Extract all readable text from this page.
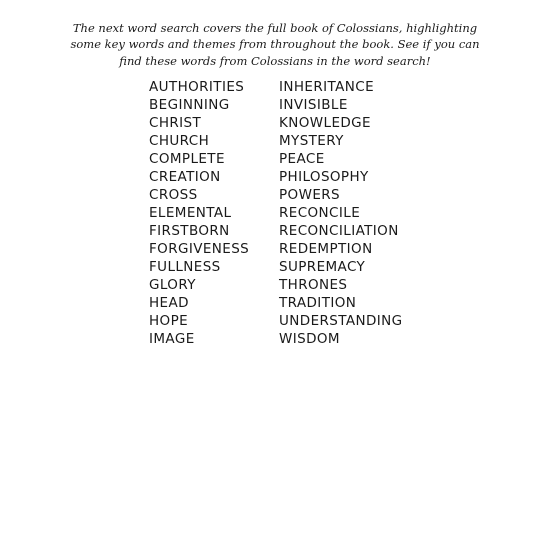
The next word search covers the full book of Colossians, highlighting some key words and themes from throughout the book. See if you can find these words from Colossians in the word search!

AUTHORITIES
BEGINNING
CHRIST
CHURCH
COMPLETE
CREATION
CROSS
ELEMENTAL
FIRSTBORN
FORGIVENESS
FULLNESS
GLORY
HEAD
HOPE
IMAGE
INHERITANCE
INVISIBLE
KNOWLEDGE
MYSTERY
PEACE
PHILOSOPHY
POWERS
RECONCILE
RECONCILIATION
REDEMPTION
SUPREMACY
THRONES
TRADITION
UNDERSTANDING
WISDOM
